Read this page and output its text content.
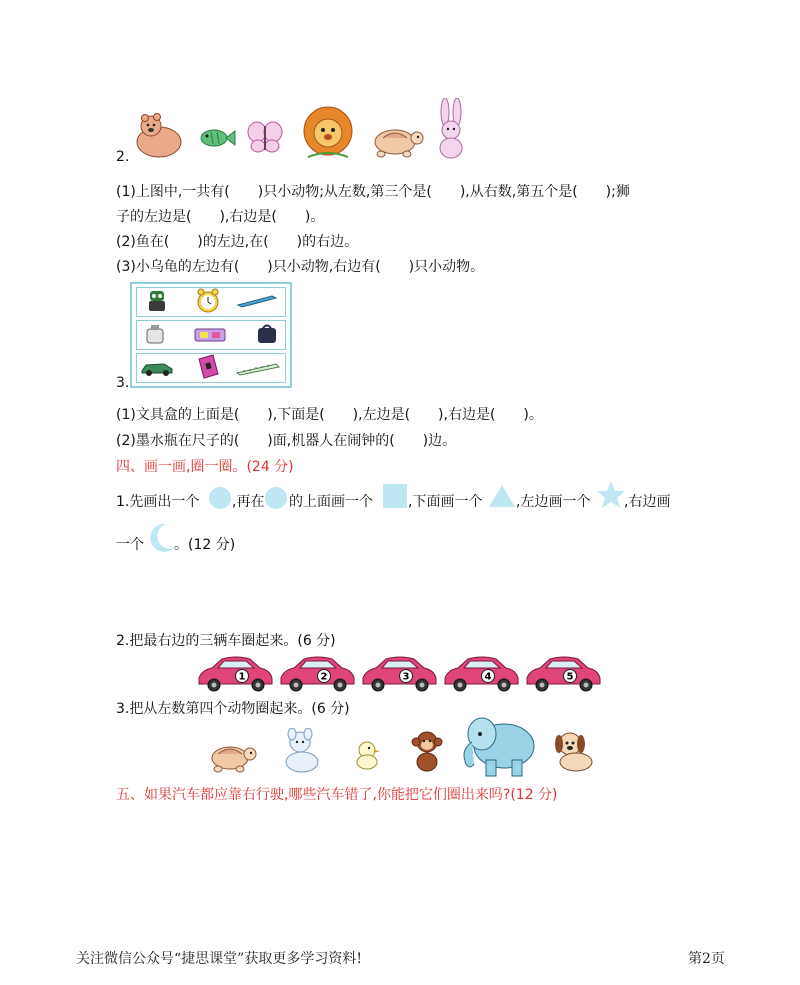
2.
(1)上图中,一共有(　　)只小动物;从左数,第三个是(　　),从右数,第五个是(　　);狮
子的左边是(　　),右边是(　　)。
(2)鱼在(　　)的左边,在(　　)的右边。
(3)小乌龟的左边有(　　)只小动物,右边有(　　)只小动物。
3.
(1)文具盒的上面是(　　),下面是(　　),左边是(　　),右边是(　　)。
(2)墨水瓶在尺子的(　　)面,机器人在闹钟的(　　)边。
四、画一画,圈一圈。(24 分)
1.先画出一个 ,再在 的上面画一个	,下面画一个 ,左边画一个 ,右边画
一个 。(12 分)
2.把最右边的三辆车圈起来。(6 分)
1	2	3	4	5
3.把从左数第四个动物圈起来。(6 分)
五、如果汽车都应靠右行驶,哪些汽车错了,你能把它们圈出来吗?(12 分)
关注微信公众号“捷思课堂”获取更多学习资料!	第2页
